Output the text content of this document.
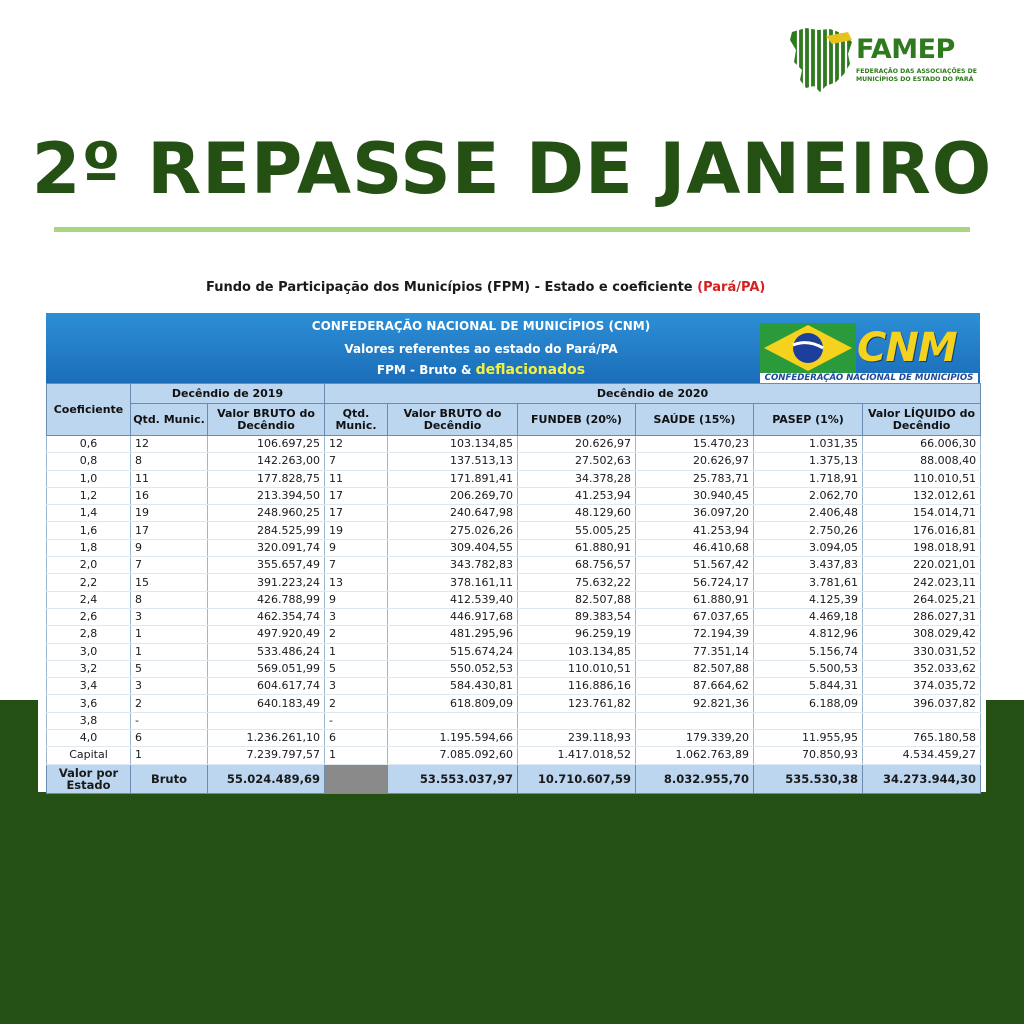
FAMEP
FEDERAÇÃO DAS ASSOCIAÇÕES DE MUNICÍPIOS DO ESTADO DO PARÁ
2º REPASSE DE JANEIRO
Fundo de Participação dos Municípios (FPM) - Estado e coeficiente (Pará/PA)
CONFEDERAÇÃO NACIONAL DE MUNICÍPIOS (CNM)
Valores referentes ao estado do Pará/PA
FPM - Bruto & deflacionados	CNM
CONFEDERAÇÃO NACIONAL DE MUNICÍPIOS
Coeficiente	Decêndio de 2019		Decêndio de 2020					
	Qtd. Munic.	Valor BRUTO do Decêndio	Qtd. Munic.	Valor BRUTO do Decêndio	FUNDEB (20%)	SAÚDE (15%)	PASEP (1%)	Valor LÍQUIDO do Decêndio
0,6	12	106.697,25	12	103.134,85	20.626,97	15.470,23	1.031,35	66.006,30
0,8	8	142.263,00	7	137.513,13	27.502,63	20.626,97	1.375,13	88.008,40
1,0	11	177.828,75	11	171.891,41	34.378,28	25.783,71	1.718,91	110.010,51
1,2	16	213.394,50	17	206.269,70	41.253,94	30.940,45	2.062,70	132.012,61
1,4	19	248.960,25	17	240.647,98	48.129,60	36.097,20	2.406,48	154.014,71
1,6	17	284.525,99	19	275.026,26	55.005,25	41.253,94	2.750,26	176.016,81
1,8	9	320.091,74	9	309.404,55	61.880,91	46.410,68	3.094,05	198.018,91
2,0	7	355.657,49	7	343.782,83	68.756,57	51.567,42	3.437,83	220.021,01
2,2	15	391.223,24	13	378.161,11	75.632,22	56.724,17	3.781,61	242.023,11
2,4	8	426.788,99	9	412.539,40	82.507,88	61.880,91	4.125,39	264.025,21
2,6	3	462.354,74	3	446.917,68	89.383,54	67.037,65	4.469,18	286.027,31
2,8	1	497.920,49	2	481.295,96	96.259,19	72.194,39	4.812,96	308.029,42
3,0	1	533.486,24	1	515.674,24	103.134,85	77.351,14	5.156,74	330.031,52
3,2	5	569.051,99	5	550.052,53	110.010,51	82.507,88	5.500,53	352.033,62
3,4	3	604.617,74	3	584.430,81	116.886,16	87.664,62	5.844,31	374.035,72
3,6	2	640.183,49	2	618.809,09	123.761,82	92.821,36	6.188,09	396.037,82
3,8	-		-					
4,0	6	1.236.261,10	6	1.195.594,66	239.118,93	179.339,20	11.955,95	765.180,58
Capital	1	7.239.797,57	1	7.085.092,60	1.417.018,52	1.062.763,89	70.850,93	4.534.459,27
Valor por Estado	Bruto	55.024.489,69		53.553.037,97	10.710.607,59	8.032.955,70	535.530,38	34.273.944,30
